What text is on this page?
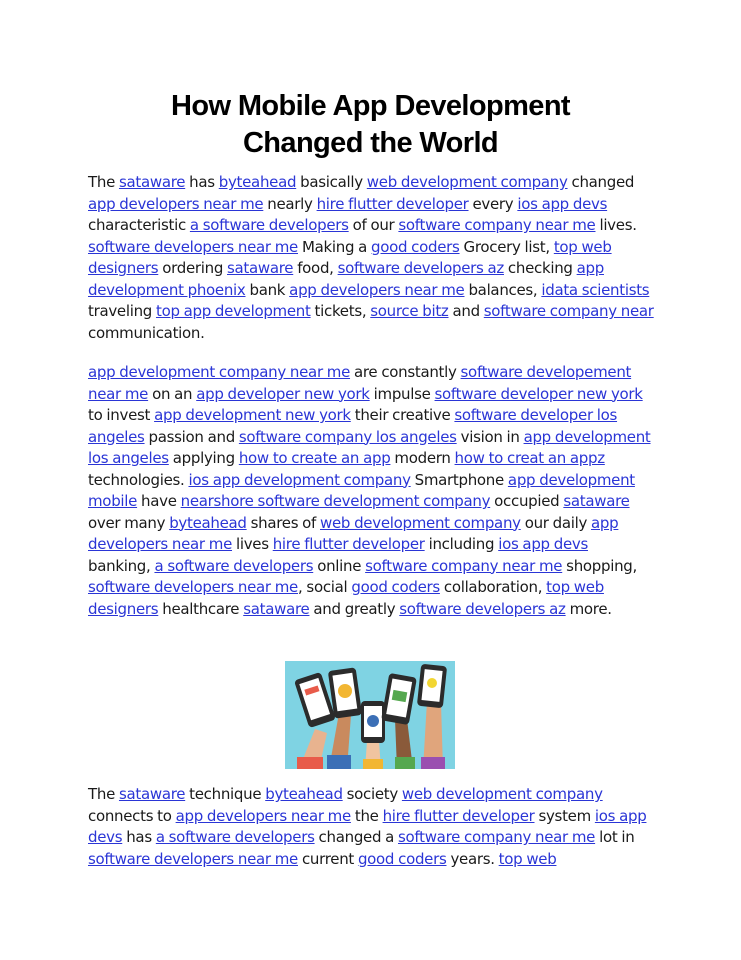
How Mobile App Development
Changed the World

The sataware has byteahead basically web development company changed app developers near me nearly hire flutter developer every ios app devs characteristic a software developers of our software company near me lives. software developers near me Making a good coders Grocery list, top web designers ordering sataware food, software developers az checking app development phoenix bank app developers near me balances, idata scientists traveling top app development tickets, source bitz and software company near communication.

app development company near me are constantly software developement near me on an app developer new york impulse software developer new york to invest app development new york their creative software developer los angeles passion and software company los angeles vision in app development los angeles applying how to create an app modern how to creat an appz technologies. ios app development company Smartphone app development mobile have nearshore software development company occupied sataware over many byteahead shares of web development company our daily app developers near me lives hire flutter developer including ios app devs banking, a software developers online software company near me shopping, software developers near me, social good coders collaboration, top web designers healthcare sataware and greatly software developers az more.

The sataware technique byteahead society web development company connects to app developers near me the hire flutter developer system ios app devs has a software developers changed a software company near me lot in software developers near me current good coders years. top web
